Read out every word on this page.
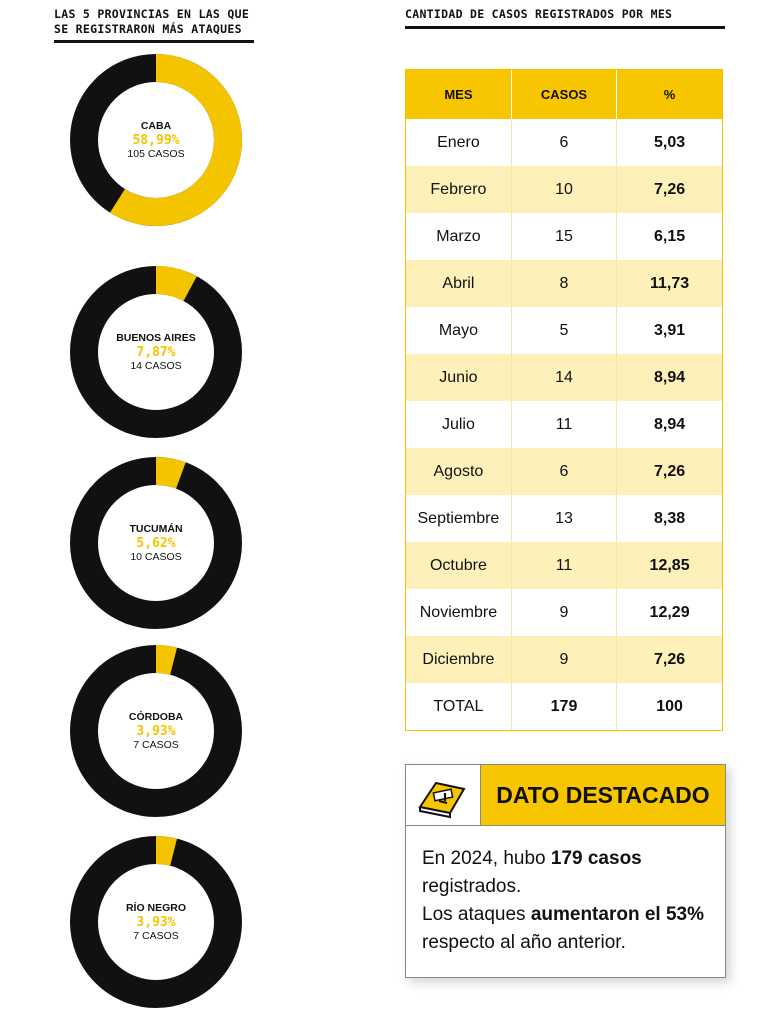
LAS 5 PROVINCIAS EN LAS QUE SE REGISTRARON MÁS ATAQUES
CANTIDAD DE CASOS REGISTRADOS POR MES
CABA
58,99%
105 CASOS
BUENOS AIRES
7,87%
14 CASOS
TUCUMÁN
5,62%
10 CASOS
CÓRDOBA
3,93%
7 CASOS
RÍO NEGRO
3,93%
7 CASOS
MES	CASOS	%
Enero	6	5,03
Febrero	10	7,26
Marzo	15	6,15
Abril	8	11,73
Mayo	5	3,91
Junio	14	8,94
Julio	11	8,94
Agosto	6	7,26
Septiembre	13	8,38
Octubre	11	12,85
Noviembre	9	12,29
Diciembre	9	7,26
TOTAL	179	100
DATO DESTACADO
En 2024, hubo 179 casos registrados.
Los ataques aumentaron el 53% respecto al año anterior.
